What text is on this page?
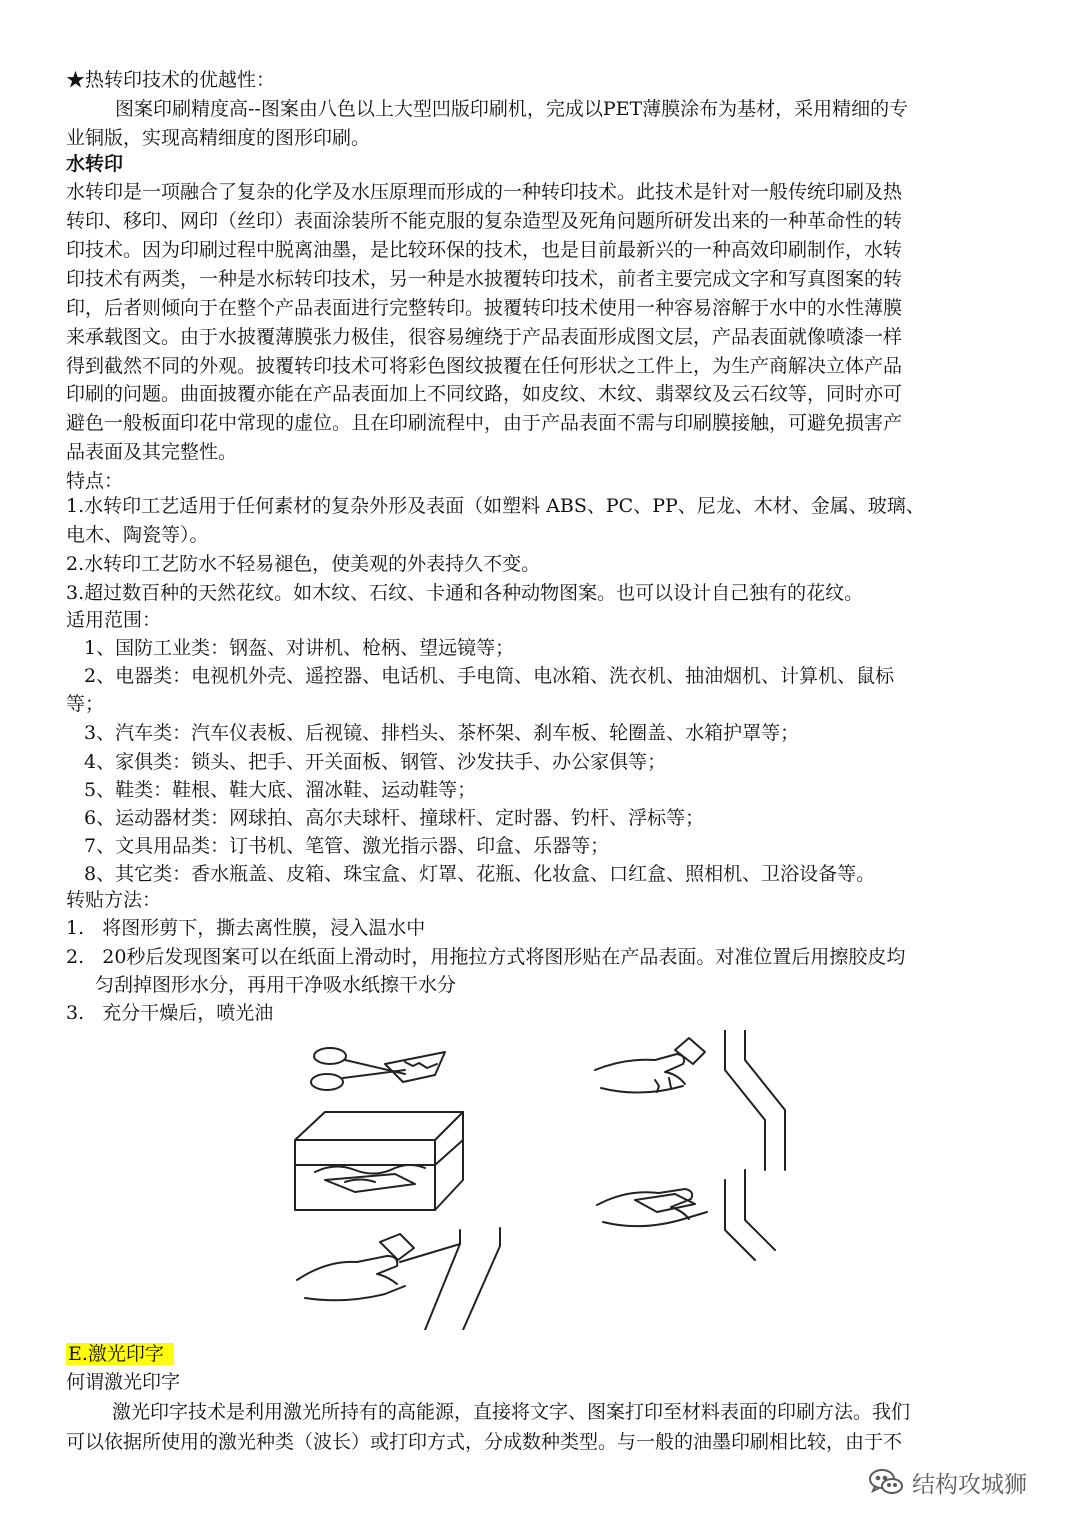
★热转印技术的优越性：
图案印刷精度高--图案由八色以上大型凹版印刷机，完成以PET薄膜涂布为基材，采用精细的专
业铜版，实现高精细度的图形印刷。
水转印
水转印是一项融合了复杂的化学及水压原理而形成的一种转印技术。此技术是针对一般传统印刷及热
转印、移印、网印（丝印）表面涂装所不能克服的复杂造型及死角问题所研发出来的一种革命性的转
印技术。因为印刷过程中脱离油墨，是比较环保的技术，也是目前最新兴的一种高效印刷制作，水转
印技术有两类，一种是水标转印技术，另一种是水披覆转印技术，前者主要完成文字和写真图案的转
印，后者则倾向于在整个产品表面进行完整转印。披覆转印技术使用一种容易溶解于水中的水性薄膜
来承载图文。由于水披覆薄膜张力极佳，很容易缠绕于产品表面形成图文层，产品表面就像喷漆一样
得到截然不同的外观。披覆转印技术可将彩色图纹披覆在任何形状之工件上，为生产商解决立体产品
印刷的问题。曲面披覆亦能在产品表面加上不同纹路，如皮纹、木纹、翡翠纹及云石纹等，同时亦可
避色一般板面印花中常现的虚位。且在印刷流程中，由于产品表面不需与印刷膜接触，可避免损害产
品表面及其完整性。
特点：
1.水转印工艺适用于任何素材的复杂外形及表面（如塑料 ABS、PC、PP、尼龙、木材、金属、玻璃、
电木、陶瓷等）。
2.水转印工艺防水不轻易褪色，使美观的外表持久不变。
3.超过数百种的天然花纹。如木纹、石纹、卡通和各种动物图案。也可以设计自己独有的花纹。
适用范围：
1、国防工业类：钢盔、对讲机、枪柄、望远镜等；
2、电器类：电视机外壳、遥控器、电话机、手电筒、电冰箱、洗衣机、抽油烟机、计算机、鼠标
等；
3、汽车类：汽车仪表板、后视镜、排档头、茶杯架、刹车板、轮圈盖、水箱护罩等；
4、家俱类：锁头、把手、开关面板、钢管、沙发扶手、办公家俱等；
5、鞋类：鞋根、鞋大底、溜冰鞋、运动鞋等；
6、运动器材类：网球拍、高尔夫球杆、撞球杆、定时器、钓杆、浮标等；
7、文具用品类：订书机、笔管、激光指示器、印盒、乐器等；
8、其它类：香水瓶盖、皮箱、珠宝盒、灯罩、花瓶、化妆盒、口红盒、照相机、卫浴设备等。
转贴方法：
1.   将图形剪下，撕去离性膜，浸入温水中
2.   20秒后发现图案可以在纸面上滑动时，用拖拉方式将图形贴在产品表面。对准位置后用擦胶皮均
匀刮掉图形水分，再用干净吸水纸擦干水分
3.   充分干燥后，喷光油
E.激光印字
何谓激光印字
激光印字技术是利用激光所持有的高能源，直接将文字、图案打印至材料表面的印刷方法。我们
可以依据所使用的激光种类（波长）或打印方式，分成数种类型。与一般的油墨印刷相比较，由于不
结构攻城狮
